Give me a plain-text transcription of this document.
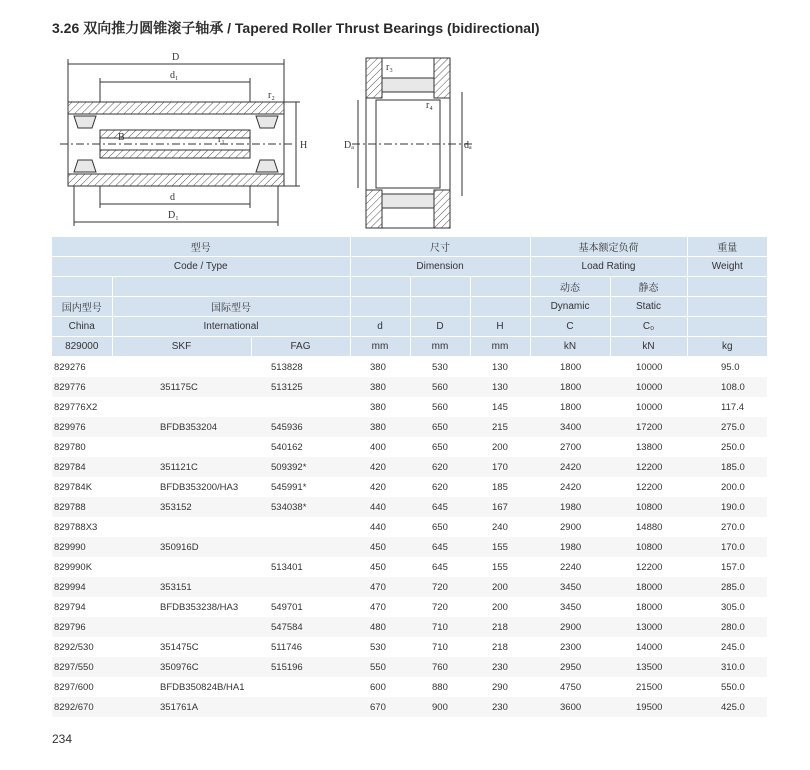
3.26 双向推力圆锥滚子轴承 / Tapered Roller Thrust Bearings (bidirectional)
D
d₁
r₂
r₁
B
H
d
D₁
r₃
r₄
Dₐ	dₐ
型号			尺寸			基本额定负荷		重量
Code / Type			Dimension			Load Rating		Weight
						动态	静态	
国内型号	国际型号					Dynamic	Static	
China	International		d	D	H	C	C₀	
829000	SKF	FAG	mm	mm	mm	kN	kN	kg
829276		513828	380	530	130	1800	10000	95.0
829776	351175C	513125	380	560	130	1800	10000	108.0
829776X2			380	560	145	1800	10000	117.4
829976	BFDB353204	545936	380	650	215	3400	17200	275.0
829780		540162	400	650	200	2700	13800	250.0
829784	351121C	509392*	420	620	170	2420	12200	185.0
829784K	BFDB353200/HA3	545991*	420	620	185	2420	12200	200.0
829788	353152	534038*	440	645	167	1980	10800	190.0
829788X3			440	650	240	2900	14880	270.0
829990	350916D		450	645	155	1980	10800	170.0
829990K		513401	450	645	155	2240	12200	157.0
829994	353151		470	720	200	3450	18000	285.0
829794	BFDB353238/HA3	549701	470	720	200	3450	18000	305.0
829796		547584	480	710	218	2900	13000	280.0
8292/530	351475C	511746	530	710	218	2300	14000	245.0
8297/550	350976C	515196	550	760	230	2950	13500	310.0
8297/600	BFDB350824B/HA1		600	880	290	4750	21500	550.0
8292/670	351761A		670	900	230	3600	19500	425.0
234
